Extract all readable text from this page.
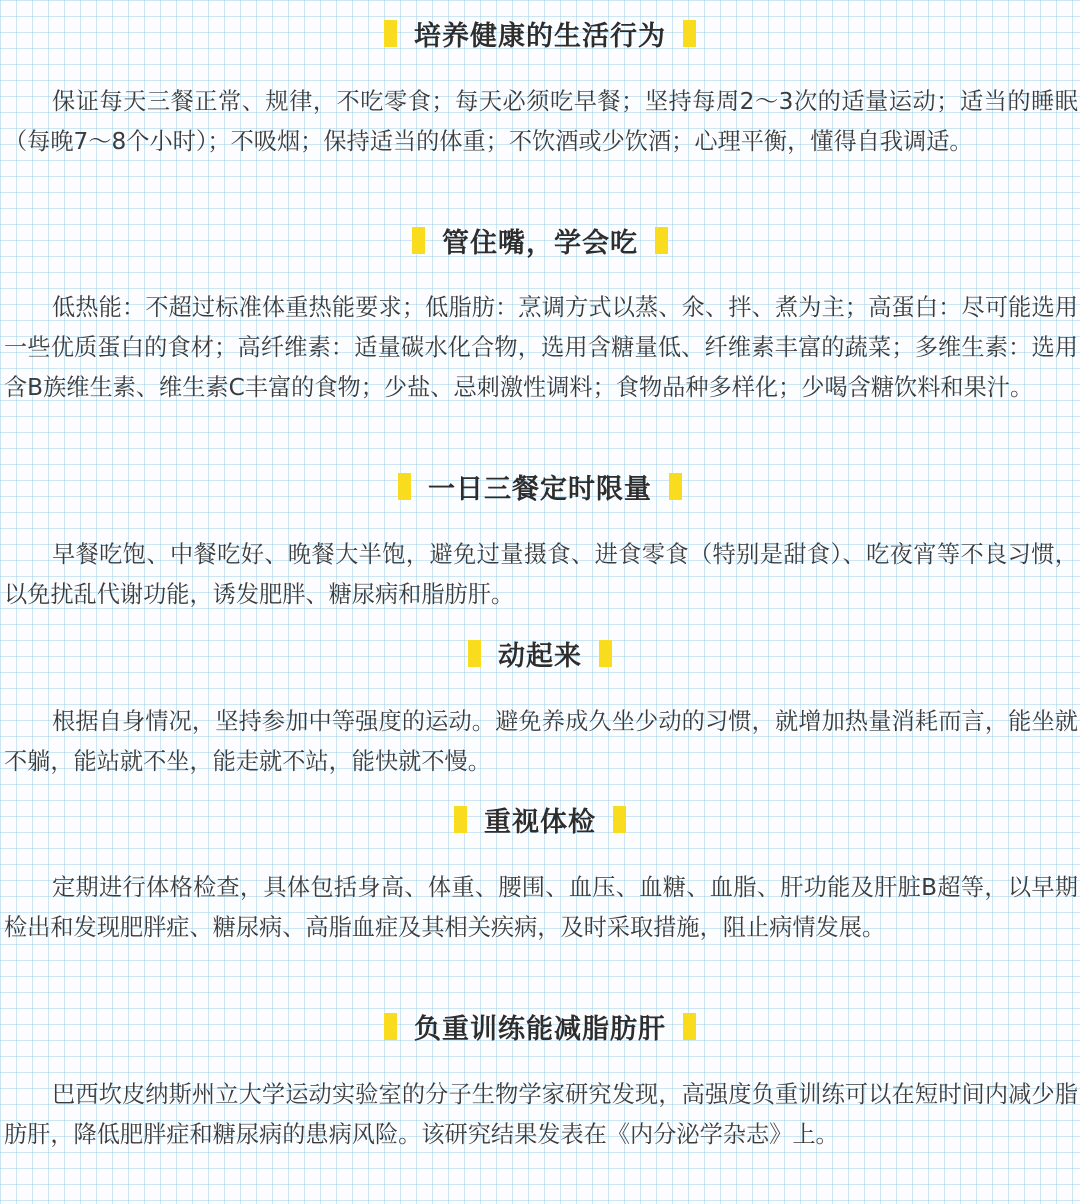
培养健康的生活行为

保证每天三餐正常、规律，不吃零食；每天必须吃早餐；坚持每周2～3次的适量运动；适当的睡眠（每晚7～8个小时）；不吸烟；保持适当的体重；不饮酒或少饮酒；心理平衡，懂得自我调适。

管住嘴，学会吃

低热能：不超过标准体重热能要求；低脂肪：烹调方式以蒸、氽、拌、煮为主；高蛋白：尽可能选用一些优质蛋白的食材；高纤维素：适量碳水化合物，选用含糖量低、纤维素丰富的蔬菜；多维生素：选用含B族维生素、维生素C丰富的食物；少盐、忌刺激性调料；食物品种多样化；少喝含糖饮料和果汁。

一日三餐定时限量

早餐吃饱、中餐吃好、晚餐大半饱，避免过量摄食、进食零食（特别是甜食）、吃夜宵等不良习惯，以免扰乱代谢功能，诱发肥胖、糖尿病和脂肪肝。

动起来

根据自身情况，坚持参加中等强度的运动。避免养成久坐少动的习惯，就增加热量消耗而言，能坐就不躺，能站就不坐，能走就不站，能快就不慢。

重视体检

定期进行体格检查，具体包括身高、体重、腰围、血压、血糖、血脂、肝功能及肝脏B超等，以早期检出和发现肥胖症、糖尿病、高脂血症及其相关疾病，及时采取措施，阻止病情发展。

负重训练能减脂肪肝

巴西坎皮纳斯州立大学运动实验室的分子生物学家研究发现，高强度负重训练可以在短时间内减少脂肪肝，降低肥胖症和糖尿病的患病风险。该研究结果发表在《内分泌学杂志》上。
